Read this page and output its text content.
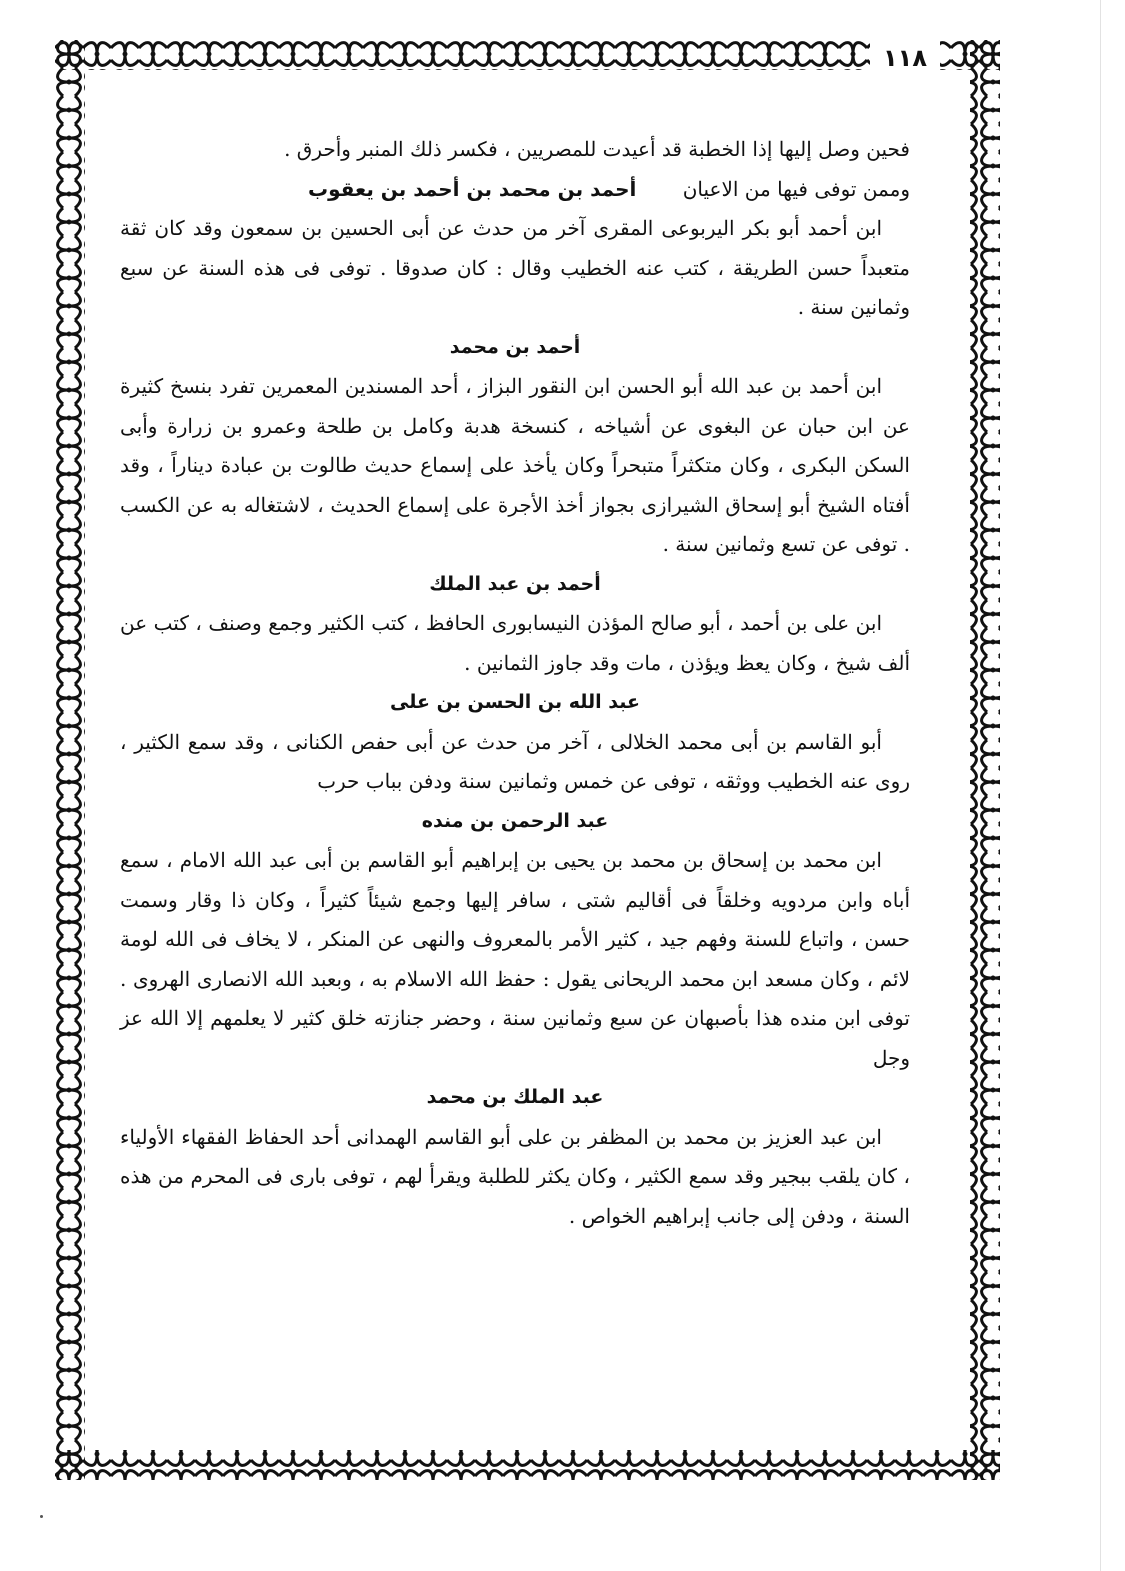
١١٨

فحين وصل إليها إذا الخطبة قد أعيدت للمصريين ، فكسر ذلك المنبر وأحرق .

وممن توفى فيها من الاعيان أحمد بن محمد بن أحمد بن يعقوب

ابن أحمد أبو بكر اليربوعى المقرى آخر من حدث عن أبى الحسين بن سمعون وقد كان ثقة متعبداً حسن الطريقة ، كتب عنه الخطيب وقال : كان صدوقا . توفى فى هذه السنة عن سبع وثمانين سنة .

أحمد بن محمد

ابن أحمد بن عبد الله أبو الحسن ابن النقور البزاز ، أحد المسندين المعمرين تفرد بنسخ كثيرة عن ابن حبان عن البغوى عن أشياخه ، كنسخة هدبة وكامل بن طلحة وعمرو بن زرارة وأبى السكن البكرى ، وكان متكثراً متبحراً وكان يأخذ على إسماع حديث طالوت بن عبادة ديناراً ، وقد أفتاه الشيخ أبو إسحاق الشيرازى بجواز أخذ الأجرة على إسماع الحديث ، لاشتغاله به عن الكسب . توفى عن تسع وثمانين سنة .

أحمد بن عبد الملك

ابن على بن أحمد ، أبو صالح المؤذن النيسابورى الحافظ ، كتب الكثير وجمع وصنف ، كتب عن ألف شيخ ، وكان يعظ ويؤذن ، مات وقد جاوز الثمانين .

عبد الله بن الحسن بن على

أبو القاسم بن أبى محمد الخلالى ، آخر من حدث عن أبى حفص الكنانى ، وقد سمع الكثير ، روى عنه الخطيب ووثقه ، توفى عن خمس وثمانين سنة ودفن بباب حرب

عبد الرحمن بن منده

ابن محمد بن إسحاق بن محمد بن يحيى بن إبراهيم أبو القاسم بن أبى عبد الله الامام ، سمع أباه وابن مردويه وخلقاً فى أقاليم شتى ، سافر إليها وجمع شيئاً كثيراً ، وكان ذا وقار وسمت حسن ، واتباع للسنة وفهم جيد ، كثير الأمر بالمعروف والنهى عن المنكر ، لا يخاف فى الله لومة لائم ، وكان مسعد ابن محمد الريحانى يقول : حفظ الله الاسلام به ، وبعبد الله الانصارى الهروى . توفى ابن منده هذا بأصبهان عن سبع وثمانين سنة ، وحضر جنازته خلق كثير لا يعلمهم إلا الله عز وجل

عبد الملك بن محمد

ابن عبد العزيز بن محمد بن المظفر بن على أبو القاسم الهمدانى أحد الحفاظ الفقهاء الأولياء ، كان يلقب ببجير وقد سمع الكثير ، وكان يكثر للطلبة ويقرأ لهم ، توفى بارى فى المحرم من هذه السنة ، ودفن إلى جانب إبراهيم الخواص .
